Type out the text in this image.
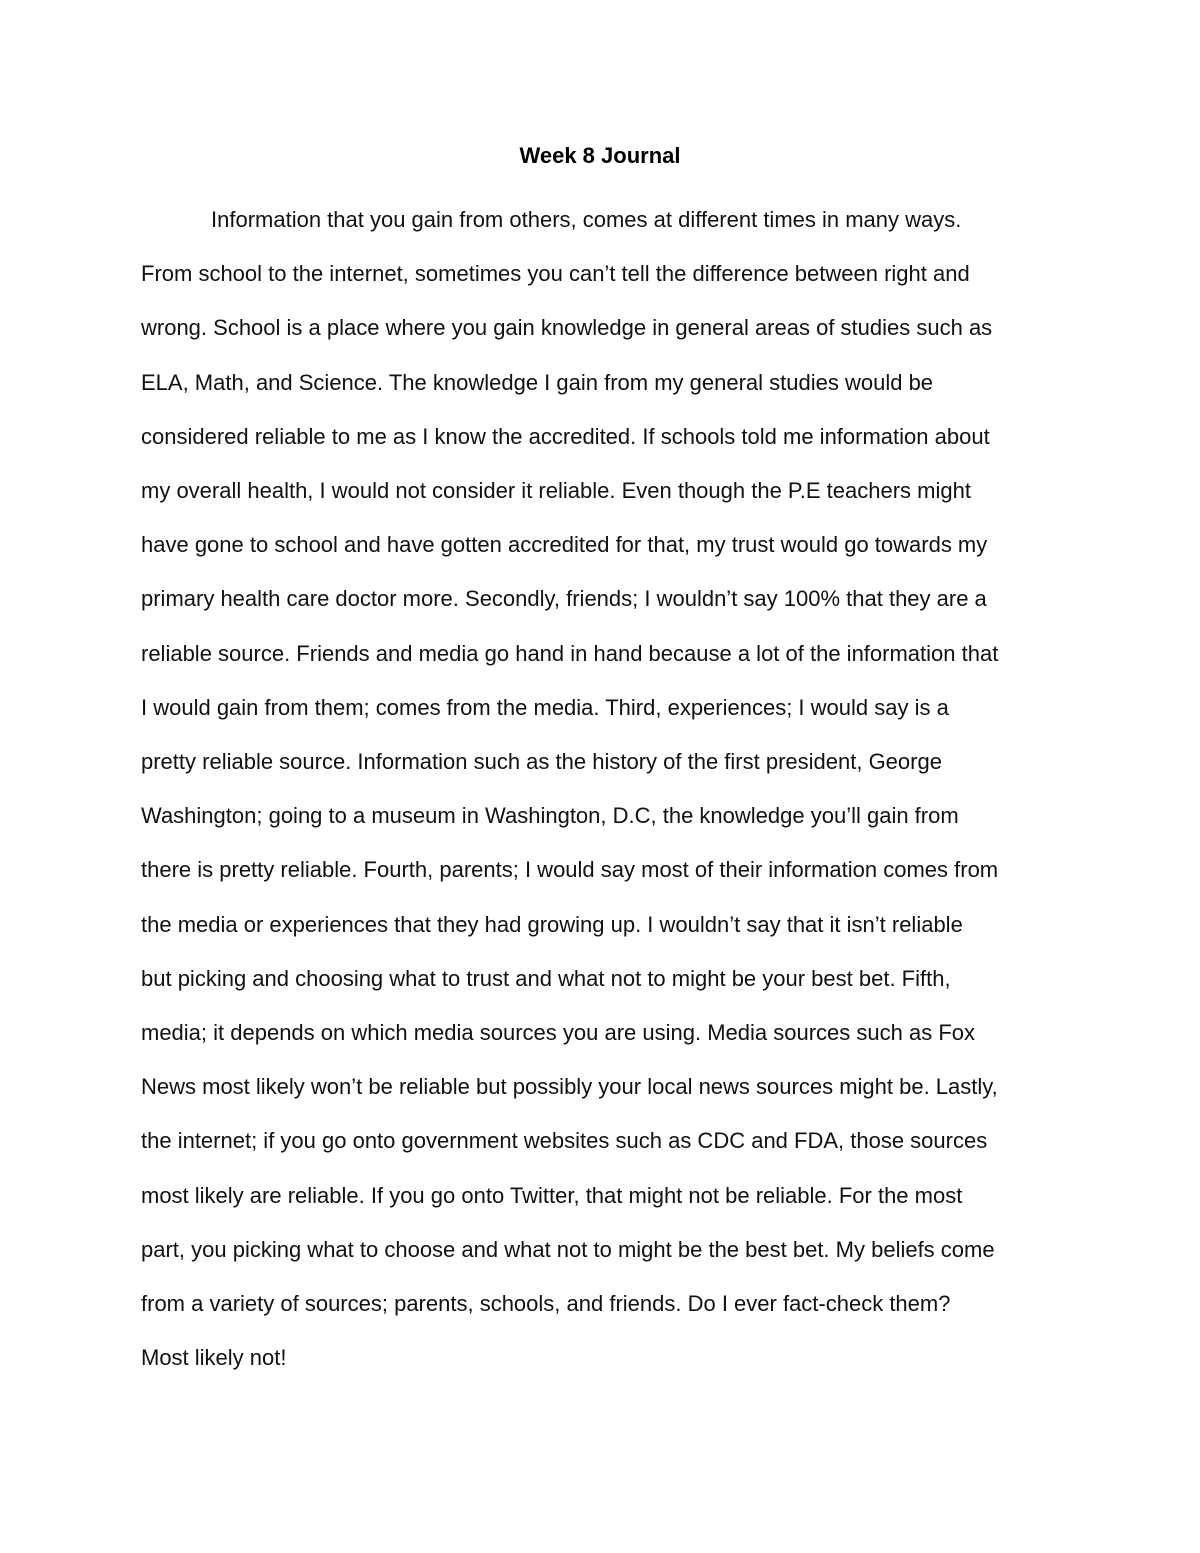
Week 8 Journal
Information that you gain from others, comes at different times in many ways.
From school to the internet, sometimes you can’t tell the difference between right and
wrong. School is a place where you gain knowledge in general areas of studies such as
ELA, Math, and Science. The knowledge I gain from my general studies would be
considered reliable to me as I know the accredited. If schools told me information about
my overall health, I would not consider it reliable. Even though the P.E teachers might
have gone to school and have gotten accredited for that, my trust would go towards my
primary health care doctor more. Secondly, friends; I wouldn’t say 100% that they are a
reliable source. Friends and media go hand in hand because a lot of the information that
I would gain from them; comes from the media. Third, experiences; I would say is a
pretty reliable source. Information such as the history of the first president, George
Washington; going to a museum in Washington, D.C, the knowledge you’ll gain from
there is pretty reliable. Fourth, parents; I would say most of their information comes from
the media or experiences that they had growing up. I wouldn’t say that it isn’t reliable
but picking and choosing what to trust and what not to might be your best bet. Fifth,
media; it depends on which media sources you are using. Media sources such as Fox
News most likely won’t be reliable but possibly your local news sources might be. Lastly,
the internet; if you go onto government websites such as CDC and FDA, those sources
most likely are reliable. If you go onto Twitter, that might not be reliable. For the most
part, you picking what to choose and what not to might be the best bet. My beliefs come
from a variety of sources; parents, schools, and friends. Do I ever fact-check them?
Most likely not!
